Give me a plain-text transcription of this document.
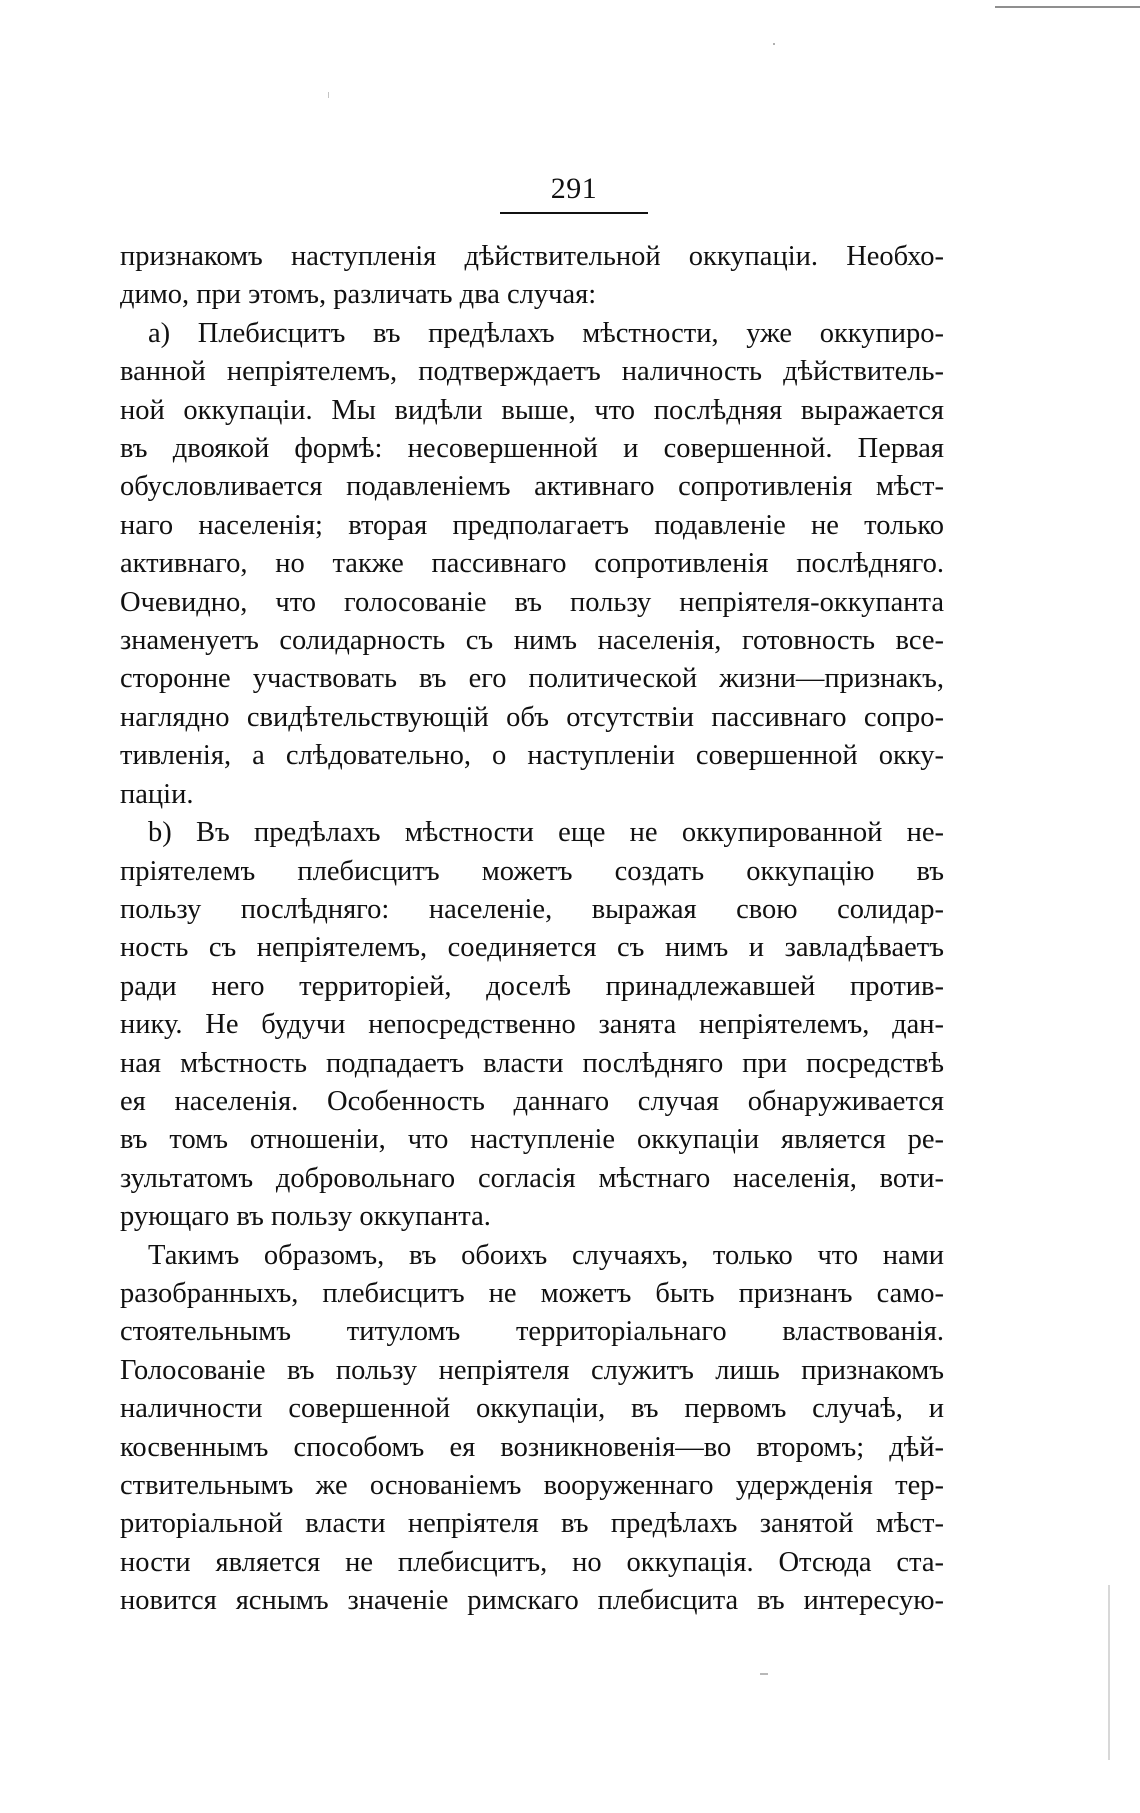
291
признакомъ наступленія дѣйствительной оккупаціи. Необхо-
димо, при этомъ, различать два случая:
а) Плебисцитъ въ предѣлахъ мѣстности, уже оккупиро-
ванной непріятелемъ, подтверждаетъ наличность дѣйствитель-
ной оккупаціи. Мы видѣли выше, что послѣдняя выражается
въ двоякой формѣ: несовершенной и совершенной. Первая
обусловливается подавленіемъ активнаго сопротивленія мѣст-
наго населенія; вторая предполагаетъ подавленіе не только
активнаго, но также пассивнаго сопротивленія послѣдняго.
Очевидно, что голосованіе въ пользу непріятеля-оккупанта
знаменуетъ солидарность съ нимъ населенія, готовность все-
сторонне участвовать въ его политической жизни—признакъ,
наглядно свидѣтельствующій объ отсутствіи пассивнаго сопро-
тивленія, а слѣдовательно, о наступленіи совершенной окку-
паціи.
b) Въ предѣлахъ мѣстности еще не оккупированной не-
пріятелемъ плебисцитъ можетъ создать оккупацію въ
пользу послѣдняго: населеніе, выражая свою солидар-
ность съ непріятелемъ, соединяется съ нимъ и завладѣваетъ
ради него территоріей, доселѣ принадлежавшей против-
нику. Не будучи непосредственно занята непріятелемъ, дан-
ная мѣстность подпадаетъ власти послѣдняго при посредствѣ
ея населенія. Особенность даннаго случая обнаруживается
въ томъ отношеніи, что наступленіе оккупаціи является ре-
зультатомъ добровольнаго согласія мѣстнаго населенія, воти-
рующаго въ пользу оккупанта.
Такимъ образомъ, въ обоихъ случаяхъ, только что нами
разобранныхъ, плебисцитъ не можетъ быть признанъ само-
стоятельнымъ титуломъ территоріальнаго властвованія.
Голосованіе въ пользу непріятеля служитъ лишь признакомъ
наличности совершенной оккупаціи, въ первомъ случаѣ, и
косвеннымъ способомъ ея возникновенія—во второмъ; дѣй-
ствительнымъ же основаніемъ вооруженнаго удержденія тер-
риторіальной власти непріятеля въ предѣлахъ занятой мѣст-
ности является не плебисцитъ, но оккупація. Отсюда ста-
новится яснымъ значеніе римскаго плебисцита въ интересую-
